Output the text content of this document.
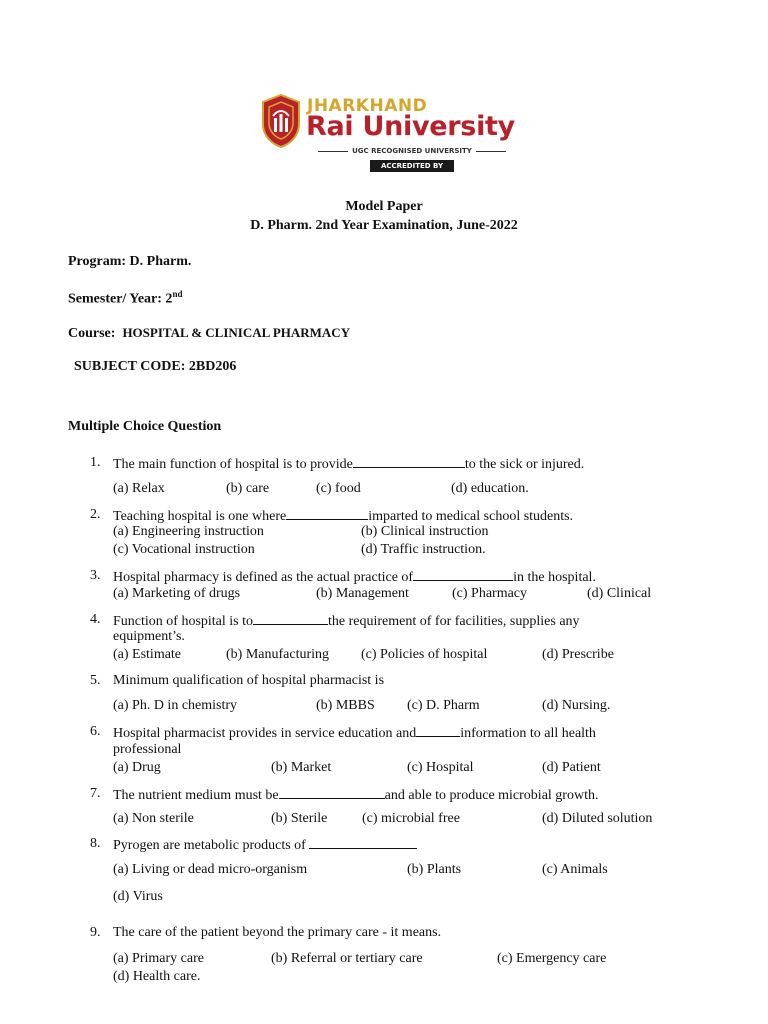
JHARKHAND
Rai University
UGC RECOGNISED UNIVERSITY
ACCREDITED BY NAAC
Model Paper
D. Pharm. 2nd Year Examination, June-2022
Program: D. Pharm.
Semester/ Year: 2nd
Course: HOSPITAL & CLINICAL PHARMACY
SUBJECT CODE: 2BD206
Multiple Choice Question
1. The main function of hospital is to provide	to the sick or injured.
(a) Relax	(b) care	(c) food	(d) education.
2. Teaching hospital is one where	imparted to medical school students.
(a) Engineering instruction	(b) Clinical instruction
(c) Vocational instruction	(d) Traffic instruction.
3. Hospital pharmacy is defined as the actual practice of	in the hospital.
(a) Marketing of drugs	(b) Management	(c) Pharmacy	(d) Clinical
4. Function of hospital is to	the requirement of for facilities, supplies any
equipment’s.
(a) Estimate	(b) Manufacturing (c) Policies of hospital	(d) Prescribe
5. Minimum qualification of hospital pharmacist is
(a) Ph. D in chemistry	(b) MBBS (c) D. Pharm	(d) Nursing.
6. Hospital pharmacist provides in service education and	information to all health
professional
(a) Drug	(b) Market	(c) Hospital	(d) Patient
7. The nutrient medium must be	and able to produce microbial growth.
(a) Non sterile	(b) Sterile (c) microbial free	(d) Diluted solution
8. Pyrogen are metabolic products of
(a) Living or dead micro-organism	(b) Plants	(c) Animals
(d) Virus
9. The care of the patient beyond the primary care - it means.
(a) Primary care	(b) Referral or tertiary care	(c) Emergency care
(d) Health care.
